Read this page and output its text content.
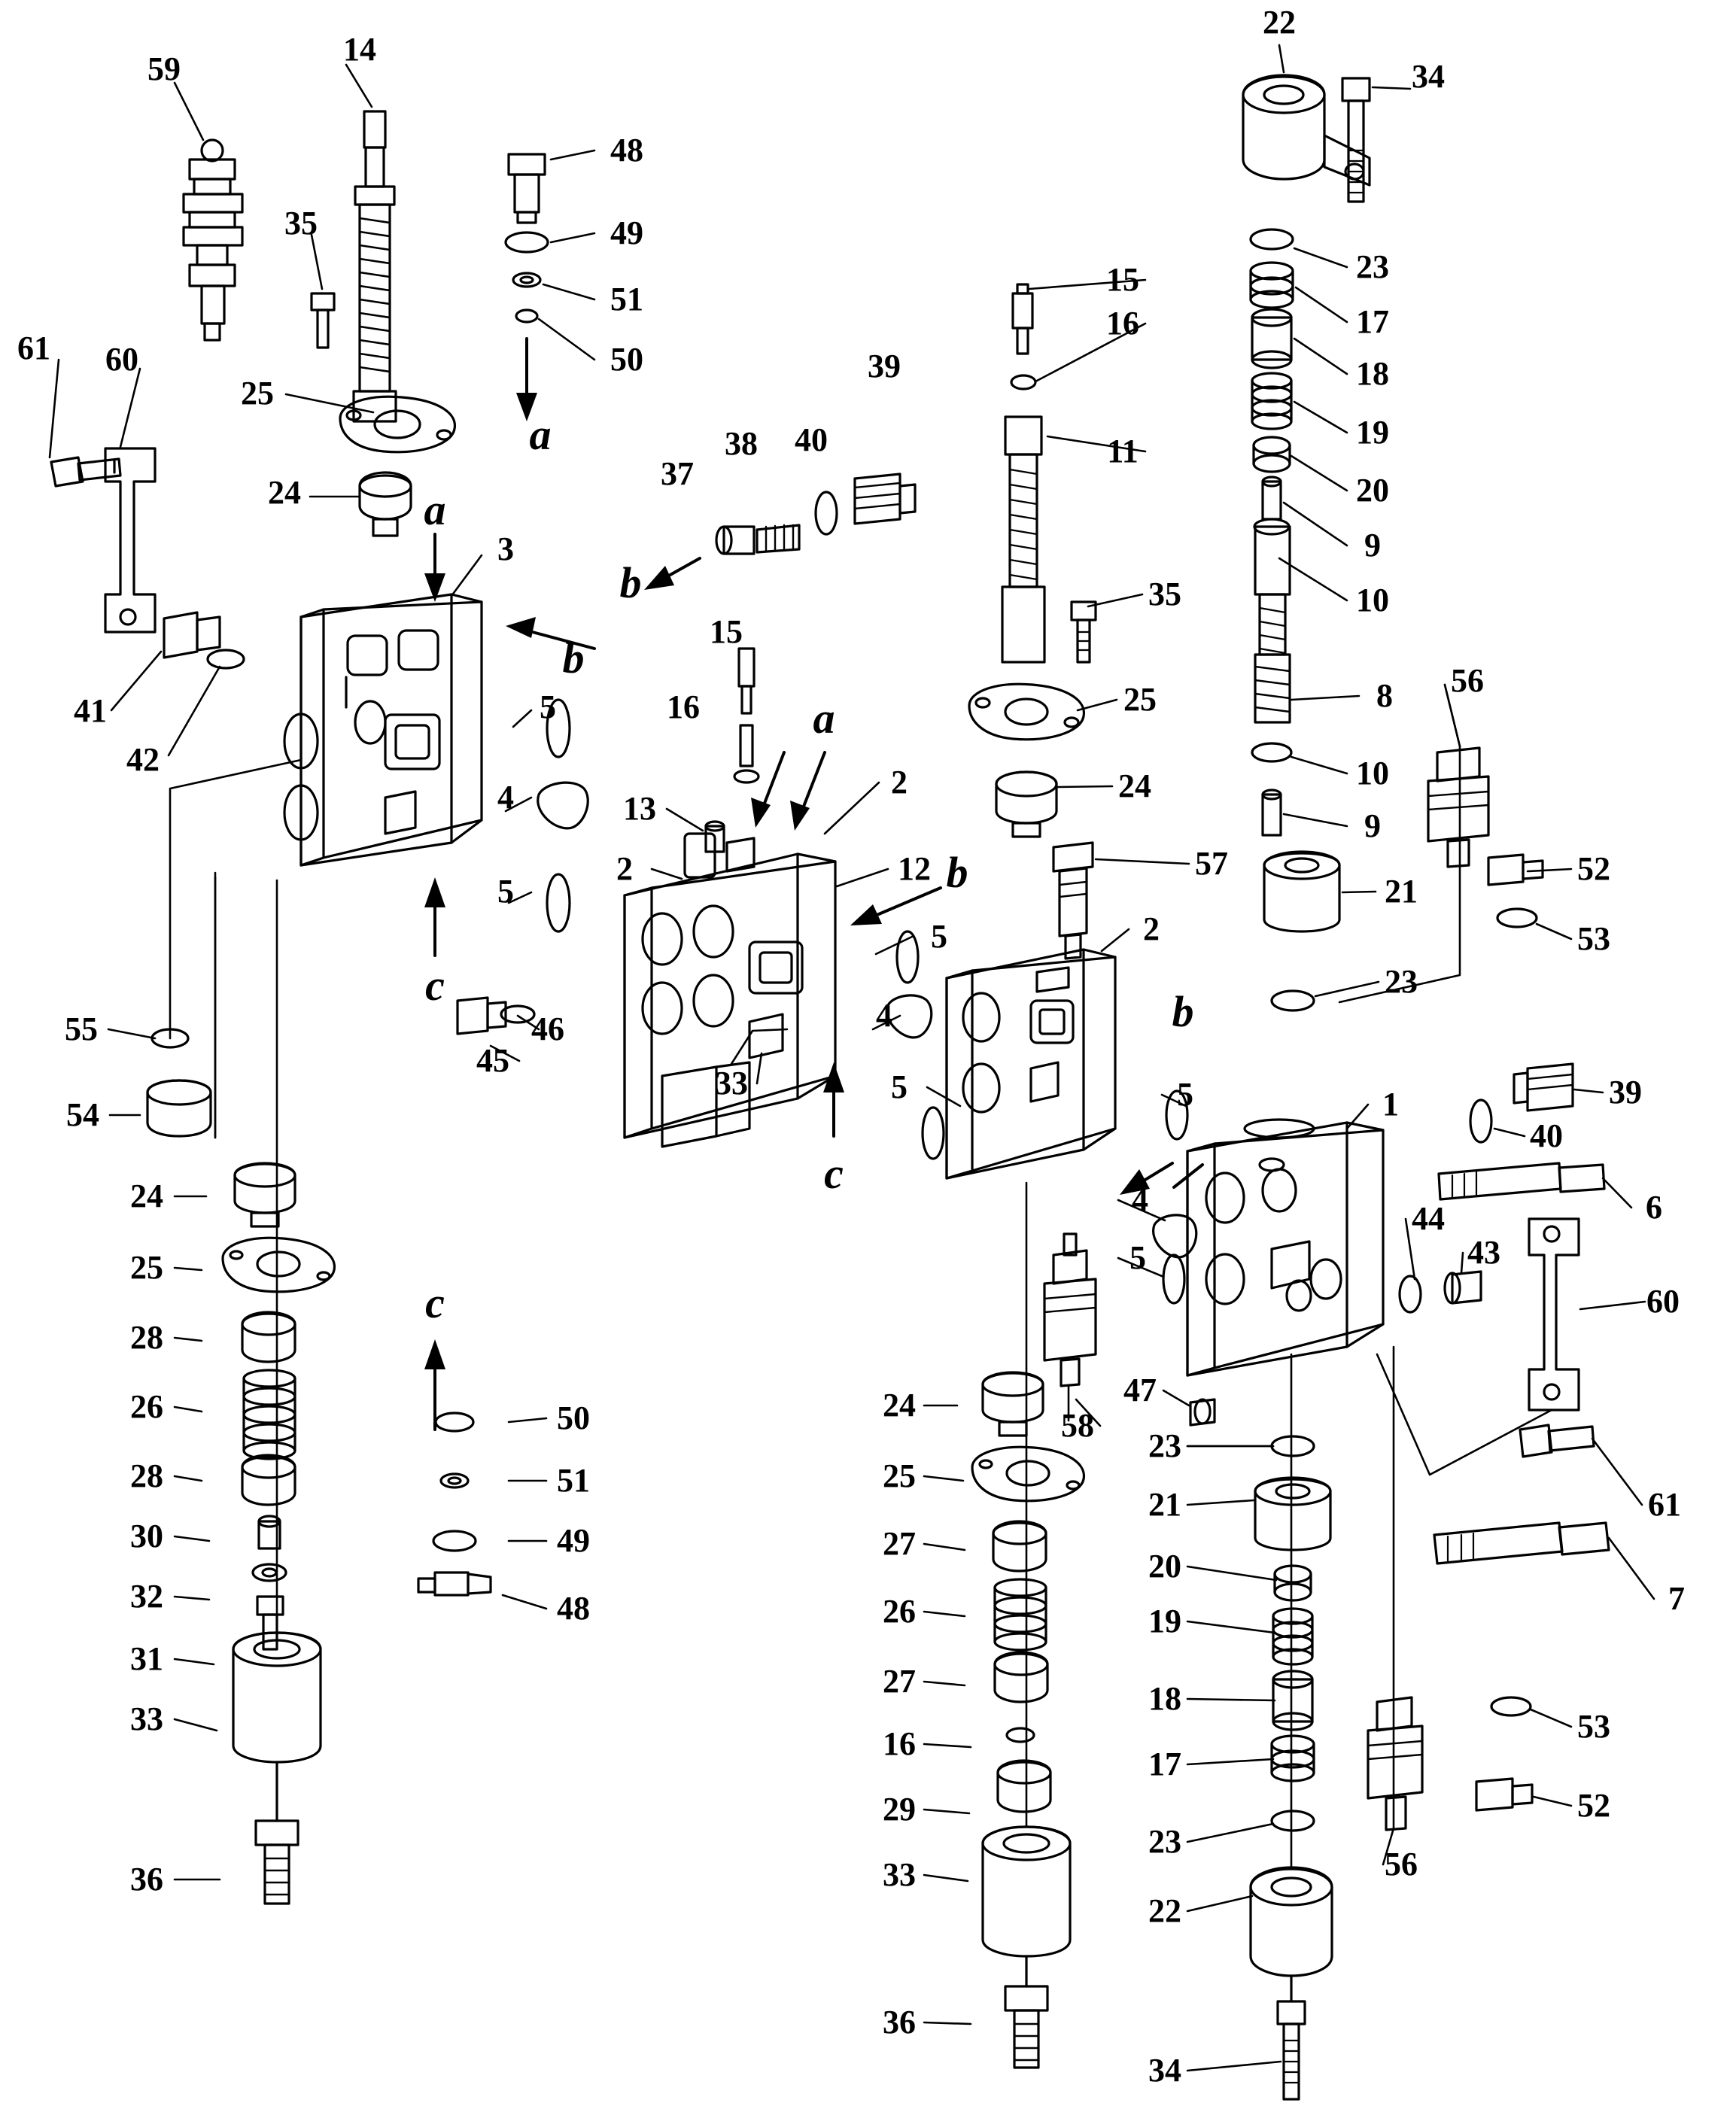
59
14
48
49
35
51
50
22
34
23
17
18
15
16
19
61 60
25
20
11
39
40
38
37
9
24
10
3
35
25
41
42
15
16
5	8 56
4	13
2	10
2	12
5
24
9
57
21
52
53
5
4
2
23
55
45
46
33	5	5	1	39
40
54
24
25
4	6
44
43
28
5
60
26
28
47
50
30
51
32
49
24
58
23
31
48
25
61
21
33
27
20
19
7
26
18
27
53
16
17
36
29
23
52
33	56
22
36
34
a
a
b
b
c
a
b
c
c
b
